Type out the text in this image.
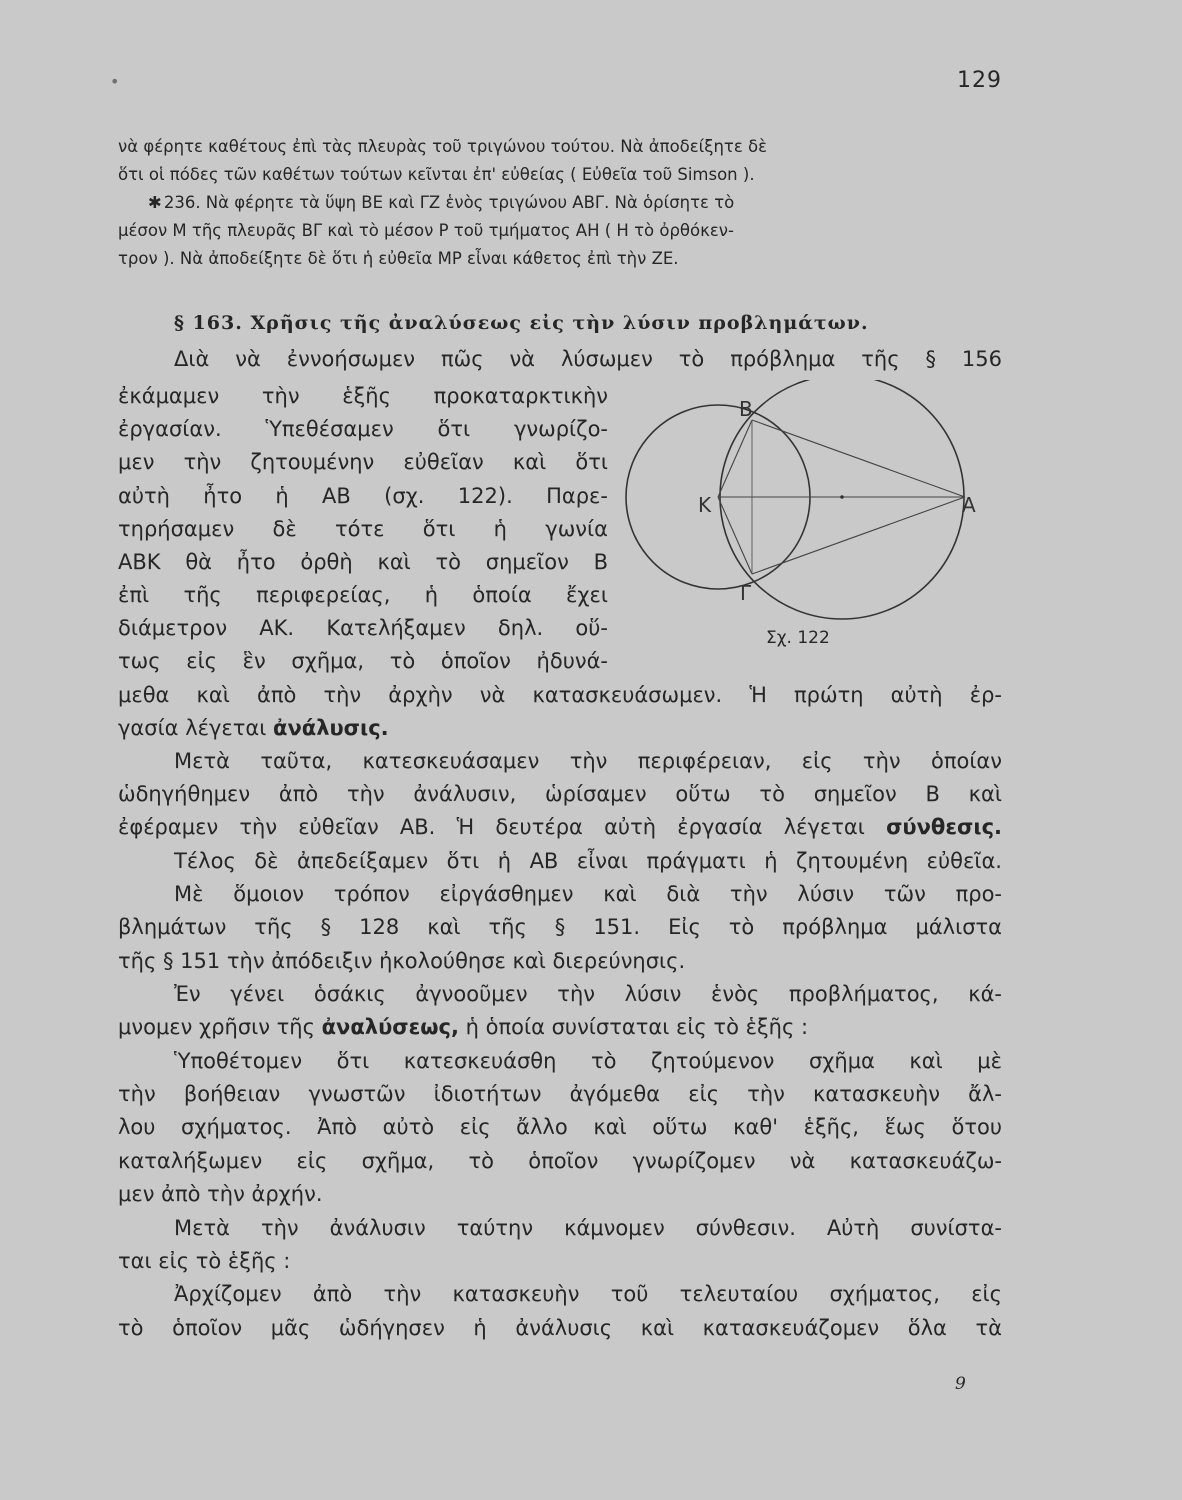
•	129
νὰ φέρητε καθέτους ἐπὶ τὰς πλευρὰς τοῦ τριγώνου τούτου. Νὰ ἀποδείξητε δὲ
ὅτι οἱ πόδες τῶν καθέτων τούτων κεῖνται ἐπ' εὐθείας ( Εὐθεῖα τοῦ Simson ).
✱ 236. Νὰ φέρητε τὰ ὕψη ΒΕ καὶ ΓΖ ἑνὸς τριγώνου ΑΒΓ. Νὰ ὁρίσητε τὸ
μέσον Μ τῆς πλευρᾶς ΒΓ καὶ τὸ μέσον Ρ τοῦ τμήματος ΑΗ ( Η τὸ ὀρθόκεν-
τρον ). Νὰ ἀποδείξητε δὲ ὅτι ἡ εὐθεῖα ΜΡ εἶναι κάθετος ἐπὶ τὴν ΖΕ.
§ 163. Χρῆσις τῆς ἀναλύσεως εἰς τὴν λύσιν προβλημάτων.
Διὰ νὰ ἐννοήσωμεν πῶς νὰ λύσωμεν τὸ πρόβλημα τῆς § 156
ἐκάμαμεν τὴν ἑξῆς προκαταρκτικὴν
ἐργασίαν. Ὑπεθέσαμεν ὅτι γνωρίζο-
μεν τὴν ζητουμένην εὐθεῖαν καὶ ὅτι
αὐτὴ ἦτο ἡ ΑΒ (σχ. 122). Παρε-
τηρήσαμεν δὲ τότε ὅτι ἡ γωνία
ΑΒΚ θὰ ἦτο ὀρθὴ καὶ τὸ σημεῖον Β
ἐπὶ τῆς περιφερείας, ἡ ὁποία ἔχει
διάμετρον ΑΚ. Κατελήξαμεν δηλ. οὕ-
τως εἰς ἓν σχῆμα, τὸ ὁποῖον ἠδυνά-
μεθα καὶ ἀπὸ τὴν ἀρχὴν νὰ κατασκευάσωμεν. Ἡ πρώτη αὐτὴ ἐρ-
γασία λέγεται ἀνάλυσις.
Β
Κ	Α
Γ
Σχ. 122
Μετὰ ταῦτα, κατεσκευάσαμεν τὴν περιφέρειαν, εἰς τὴν ὁποίαν
ὡδηγήθημεν ἀπὸ τὴν ἀνάλυσιν, ὡρίσαμεν οὕτω τὸ σημεῖον Β καὶ
ἐφέραμεν τὴν εὐθεῖαν ΑΒ. Ἡ δευτέρα αὐτὴ ἐργασία λέγεται σύνθεσις.
Τέλος δὲ ἀπεδείξαμεν ὅτι ἡ ΑΒ εἶναι πράγματι ἡ ζητουμένη εὐθεῖα.
Μὲ ὅμοιον τρόπον εἰργάσθημεν καὶ διὰ τὴν λύσιν τῶν προ-
βλημάτων τῆς § 128 καὶ τῆς § 151. Εἰς τὸ πρόβλημα μάλιστα
τῆς § 151 τὴν ἀπόδειξιν ἠκολούθησε καὶ διερεύνησις.
Ἐν γένει ὁσάκις ἀγνοοῦμεν τὴν λύσιν ἑνὸς προβλήματος, κά-
μνομεν χρῆσιν τῆς ἀναλύσεως, ἡ ὁποία συνίσταται εἰς τὸ ἑξῆς :
Ὑποθέτομεν ὅτι κατεσκευάσθη τὸ ζητούμενον σχῆμα καὶ μὲ
τὴν βοήθειαν γνωστῶν ἰδιοτήτων ἀγόμεθα εἰς τὴν κατασκευὴν ἄλ-
λου σχήματος. Ἀπὸ αὐτὸ εἰς ἄλλο καὶ οὕτω καθ' ἑξῆς, ἕως ὅτου
καταλήξωμεν εἰς σχῆμα, τὸ ὁποῖον γνωρίζομεν νὰ κατασκευάζω-
μεν ἀπὸ τὴν ἀρχήν.
Μετὰ τὴν ἀνάλυσιν ταύτην κάμνομεν σύνθεσιν. Αὐτὴ συνίστα-
ται εἰς τὸ ἑξῆς :
Ἀρχίζομεν ἀπὸ τὴν κατασκευὴν τοῦ τελευταίου σχήματος, εἰς
τὸ ὁποῖον μᾶς ὡδήγησεν ἡ ἀνάλυσις καὶ κατασκευάζομεν ὅλα τὰ
9
